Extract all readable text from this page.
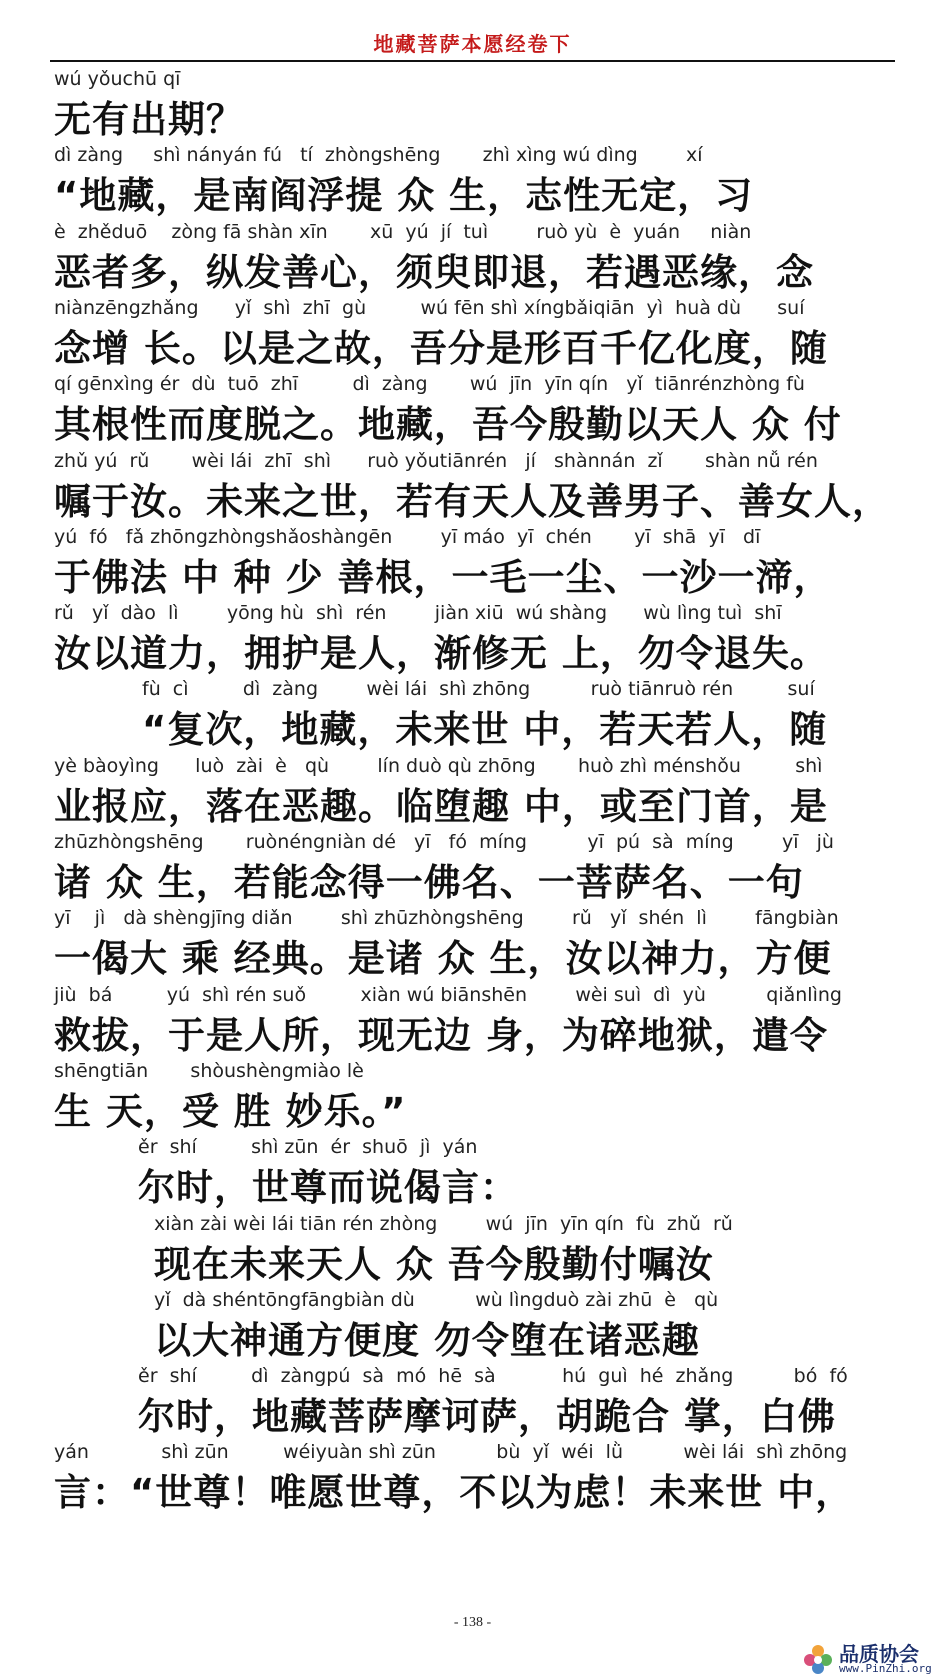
地藏菩萨本愿经卷下
wú yǒuchū qī
无有出期？
dì zàng     shì nányán fú   tí  zhòngshēng       zhì xìng wú dìng        xí
“地藏，是南阎浮提 众 生，志性无定，习
è  zhěduō    zòng fā shàn xīn       xū  yú  jí  tuì        ruò yù  è  yuán     niàn
恶者多，纵发善心，须臾即退，若遇恶缘，念
niànzēngzhǎng      yǐ  shì  zhī  gù         wú fēn shì xíngbǎiqiān  yì  huà dù      suí
念增 长。以是之故，吾分是形百千亿化度，随
qí gēnxìng ér  dù  tuō  zhī         dì  zàng       wú  jīn  yīn qín   yǐ  tiānrénzhòng fù
其根性而度脱之。地藏，吾今殷勤以天人 众 付
zhǔ yú  rǔ       wèi lái  zhī  shì      ruò yǒutiānrén   jí   shànnán  zǐ       shàn nǚ rén
嘱于汝。未来之世，若有天人及善男子、善女人，
yú  fó   fǎ zhōngzhòngshǎoshàngēn        yī máo  yī  chén       yī  shā  yī   dī
于佛法 中 种 少 善根，一毛一尘、一沙一渧，
rǔ   yǐ  dào  lì        yōng hù  shì  rén        jiàn xiū  wú shàng      wù lìng tuì  shī
汝以道力，拥护是人，渐修无 上，勿令退失。
fù  cì         dì  zàng        wèi lái  shì zhōng          ruò tiānruò rén         suí
“复次，地藏，未来世 中，若天若人，随
yè bàoyìng      luò  zài  è   qù        lín duò qù zhōng       huò zhì ménshǒu         shì
业报应，落在恶趣。临堕趣 中，或至门首，是
zhūzhòngshēng       ruònéngniàn dé   yī   fó  míng          yī  pú  sà  míng        yī   jù
诸 众 生，若能念得一佛名、一菩萨名、一句
yī    jì   dà shèngjīng diǎn        shì zhūzhòngshēng        rǔ   yǐ  shén  lì        fāngbiàn
一偈大 乘 经典。是诸 众 生，汝以神力，方便
jiù  bá         yú  shì rén suǒ         xiàn wú biānshēn        wèi suì  dì  yù          qiǎnlìng
救拔，于是人所，现无边 身，为碎地狱，遣令
shēngtiān       shòushèngmiào lè
生 天，受 胜 妙乐。”
ěr  shí         shì zūn  ér  shuō  jì  yán
尔时，世尊而说偈言：
xiàn zài wèi lái tiān rén zhòng        wú  jīn  yīn qín  fù  zhǔ  rǔ
现在未来天人 众 吾今殷勤付嘱汝
yǐ  dà shéntōngfāngbiàn dù          wù lìngduò zài zhū  è   qù
以大神通方便度 勿令堕在诸恶趣
ěr  shí         dì  zàngpú  sà  mó  hē  sà           hú  guì  hé  zhǎng          bó  fó
尔时，地藏菩萨摩诃萨，胡跪合 掌，白佛
yán            shì zūn         wéiyuàn shì zūn          bù  yǐ  wéi  lǜ          wèi lái  shì zhōng
言：“世尊！唯愿世尊，不以为虑！未来世 中，
- 138 -
品质协会
www.PinZhi.org
